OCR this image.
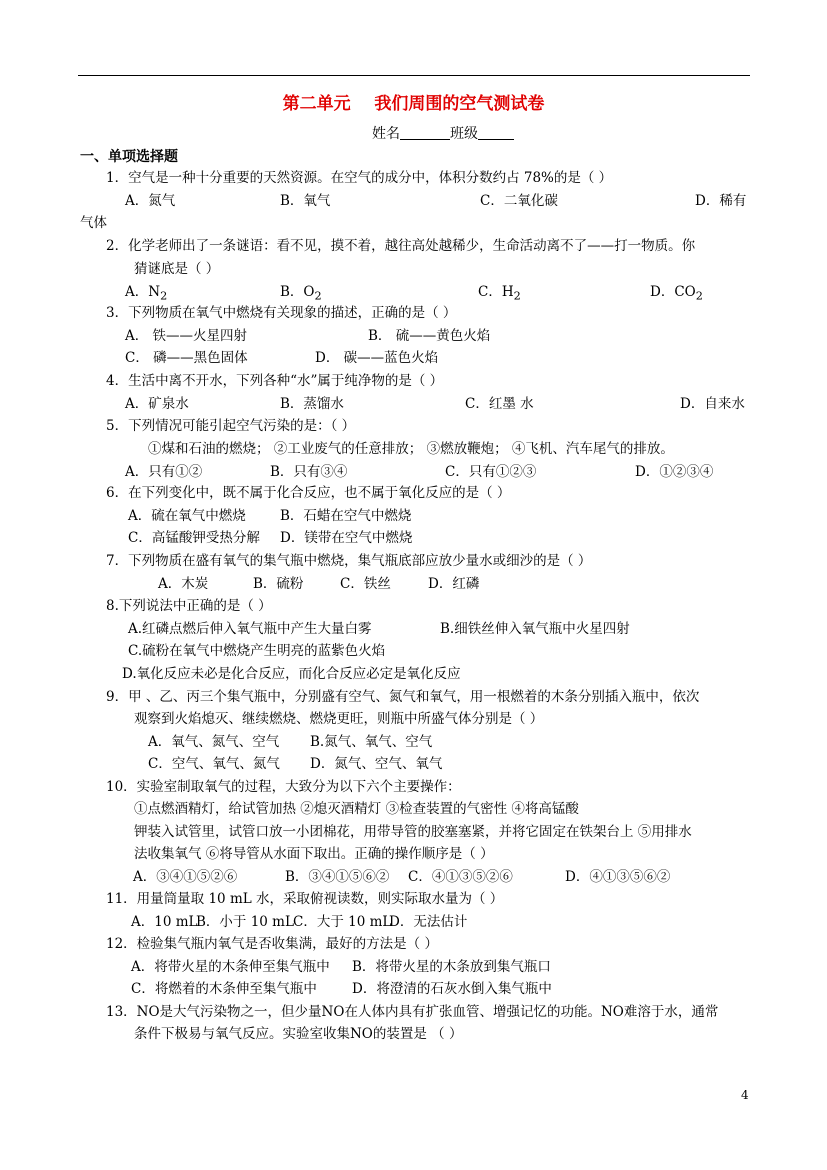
第二单元    我们周围的空气测试卷
姓名	班级
一、单项选择题
1．空气是一种十分重要的天然资源。在空气的成分中，体积分数约占 78%的是（ ）
A．氮气	B．氧气	C．二氧化碳	D．稀有
气体
2．化学老师出了一条谜语：看不见，摸不着，越往高处越稀少，生命活动离不了——打一物质。你
猜谜底是（ ）
A．$N_2$	B．$O_2$	C．$H_2$	D．$CO_2$
3．下列物质在氧气中燃烧有关现象的描述，正确的是（ ）
A． 铁——火星四射	B． 硫——黄色火焰
C． 磷——黑色固体	D． 碳——蓝色火焰
4．生活中离不开水，下列各种“水”属于纯净物的是（ ）
A．矿泉水	B．蒸馏水	C．红墨 水	D．自来水
5．下列情况可能引起空气污染的是：（ ）
①煤和石油的燃烧； ②工业废气的任意排放； ③燃放鞭炮； ④飞机、汽车尾气的排放。
A．只有①②	B．只有③④	C．只有①②③	D．①②③④
6．在下列变化中，既不属于化合反应，也不属于氧化反应的是（ ）
A．硫在氧气中燃烧	B．石蜡在空气中燃烧
C．高锰酸钾受热分解 D．镁带在空气中燃烧
7．下列物质在盛有氧气的集气瓶中燃烧，集气瓶底部应放少量水或细沙的是（ ）
A．木炭	B．硫粉	C．铁丝	D．红磷
8.下列说法中正确的是（ ）
A.红磷点燃后伸入氧气瓶中产生大量白雾	B.细铁丝伸入氧气瓶中火星四射
C.硫粉在氧气中燃烧产生明亮的蓝紫色火焰
D.氧化反应未必是化合反应，而化合反应必定是氧化反应
9．甲 、乙、丙三个集气瓶中，分别盛有空气、氮气和氧气，用一根燃着的木条分别插入瓶中，依次
观察到火焰熄灭、继续燃烧、燃烧更旺，则瓶中所盛气体分别是（ ）
A．氧气、氮气、空气 B.氮气、氧气、空气
C．空气、氧气、氮气 D．氮气、空气、氧气
10．实验室制取氧气的过程，大致分为以下六个主要操作：
①点燃酒精灯，给试管加热 ②熄灭酒精灯 ③检查装置的气密性 ④将高锰酸
钾装入试管里，试管口放一小团棉花，用带导管的胶塞塞紧，并将它固定在铁架台上 ⑤用排水
法收集氧气 ⑥将导管从水面下取出。正确的操作顺序是（ ）
A．③④①⑤②⑥	B．③④①⑤⑥② C．④①③⑤②⑥	D．④①③⑤⑥②
11．用量筒量取 10 mL 水，采取俯视读数，则实际取水量为（ ）
A．10 mL
B．小于 10 mL C．大于 10 mL
D．无法估计
12．检验集气瓶内氧气是否收集满，最好的方法是（ ）
A．将带火星的木条伸至集气瓶中 B．将带火星的木条放到集气瓶口
C．将燃着的木条伸至集气瓶中	D．将澄清的石灰水倒入集气瓶中
13．NO是大气污染物之一，但少量NO在人体内具有扩张血管、增强记忆的功能。NO难溶于水，通常
条件下极易与氧气反应。实验室收集NO的装置是 （ ）
4
